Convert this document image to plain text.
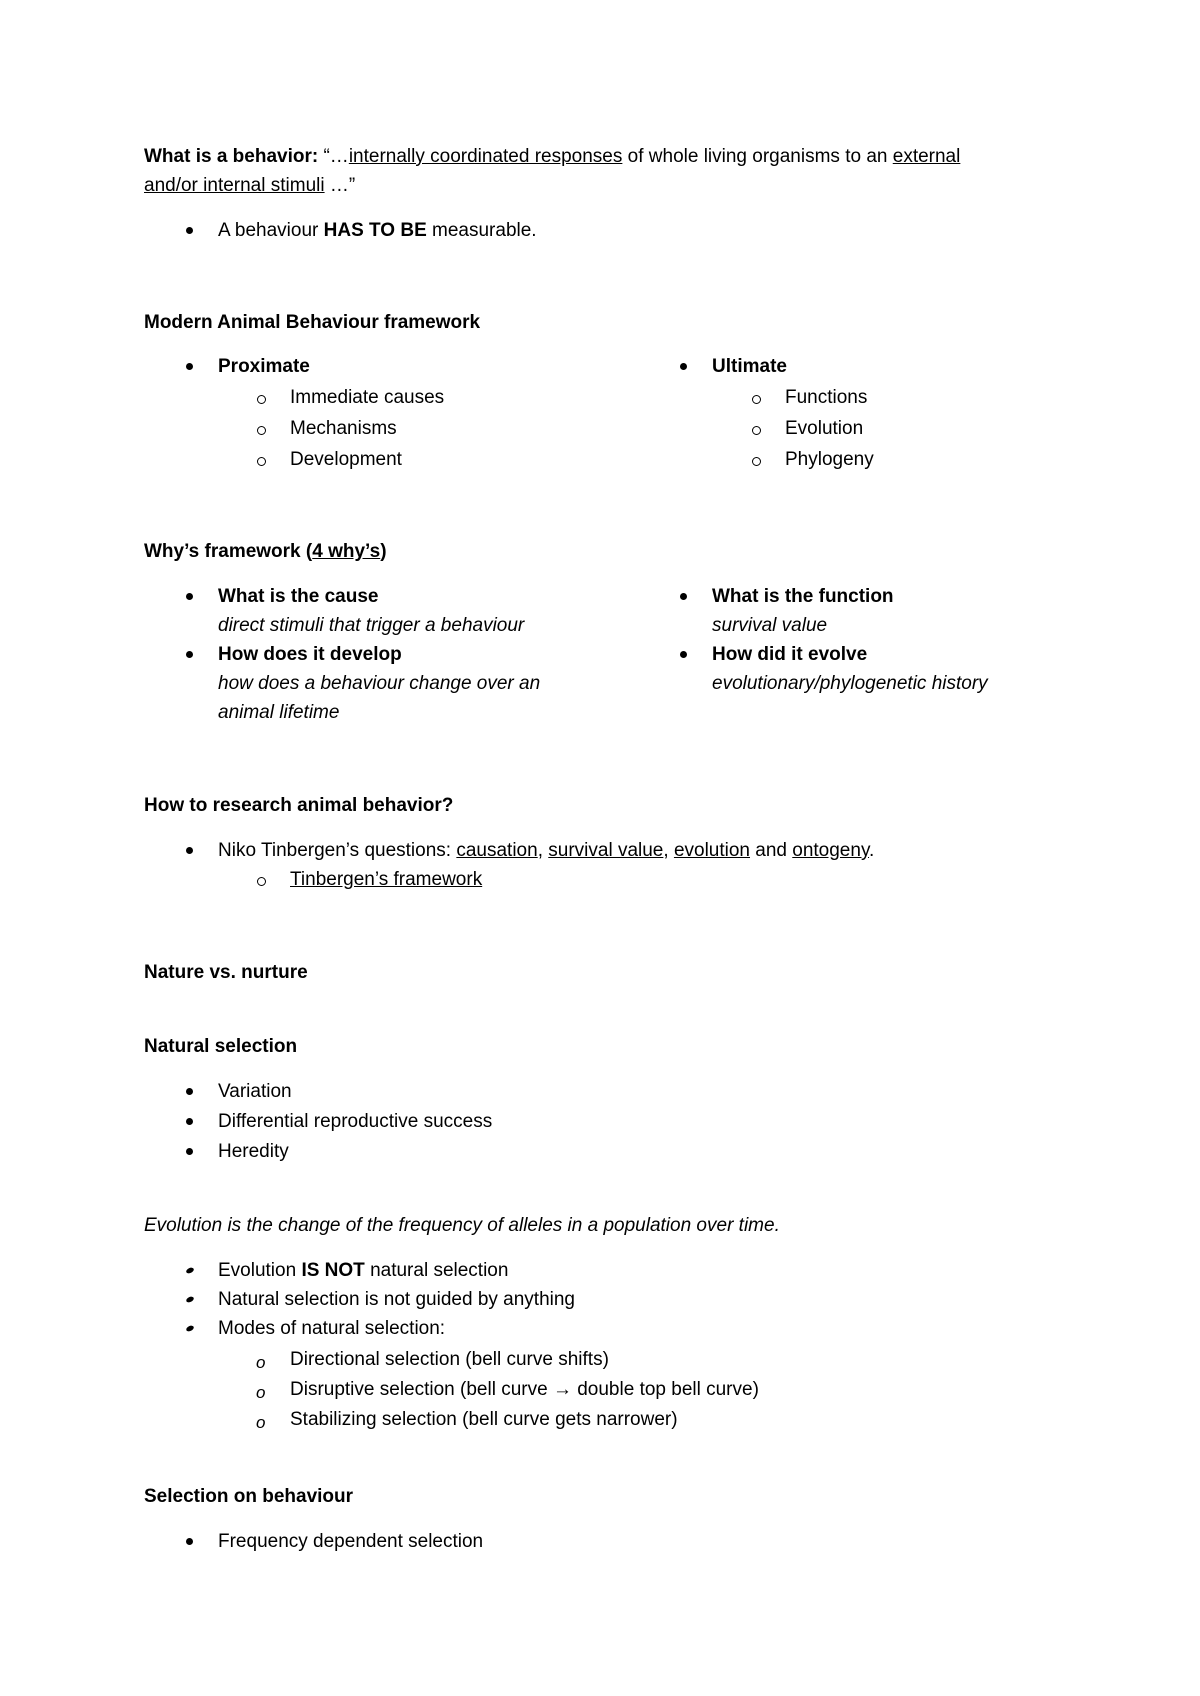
What is a behavior: “…internally coordinated responses of whole living organisms to an external
and/or internal stimuli …”
A behaviour HAS TO BE measurable.
Modern Animal Behaviour framework
Proximate
Immediate causes
Mechanisms
Development
Ultimate
Functions
Evolution
Phylogeny
Why’s framework (4 why’s)
What is the cause
direct stimuli that trigger a behaviour
How does it develop
how does a behaviour change over an
animal lifetime
What is the function
survival value
How did it evolve
evolutionary/phylogenetic history
How to research animal behavior?
Niko Tinbergen’s questions: causation, survival value, evolution and ontogeny.
Tinbergen’s framework
Nature vs. nurture
Natural selection
Variation
Differential reproductive success
Heredity
Evolution is the change of the frequency of alleles in a population over time.
Evolution IS NOT natural selection
Natural selection is not guided by anything
Modes of natural selection:
o Directional selection (bell curve shifts)
o Disruptive selection (bell curve → double top bell curve)
o Stabilizing selection (bell curve gets narrower)
Selection on behaviour
Frequency dependent selection
